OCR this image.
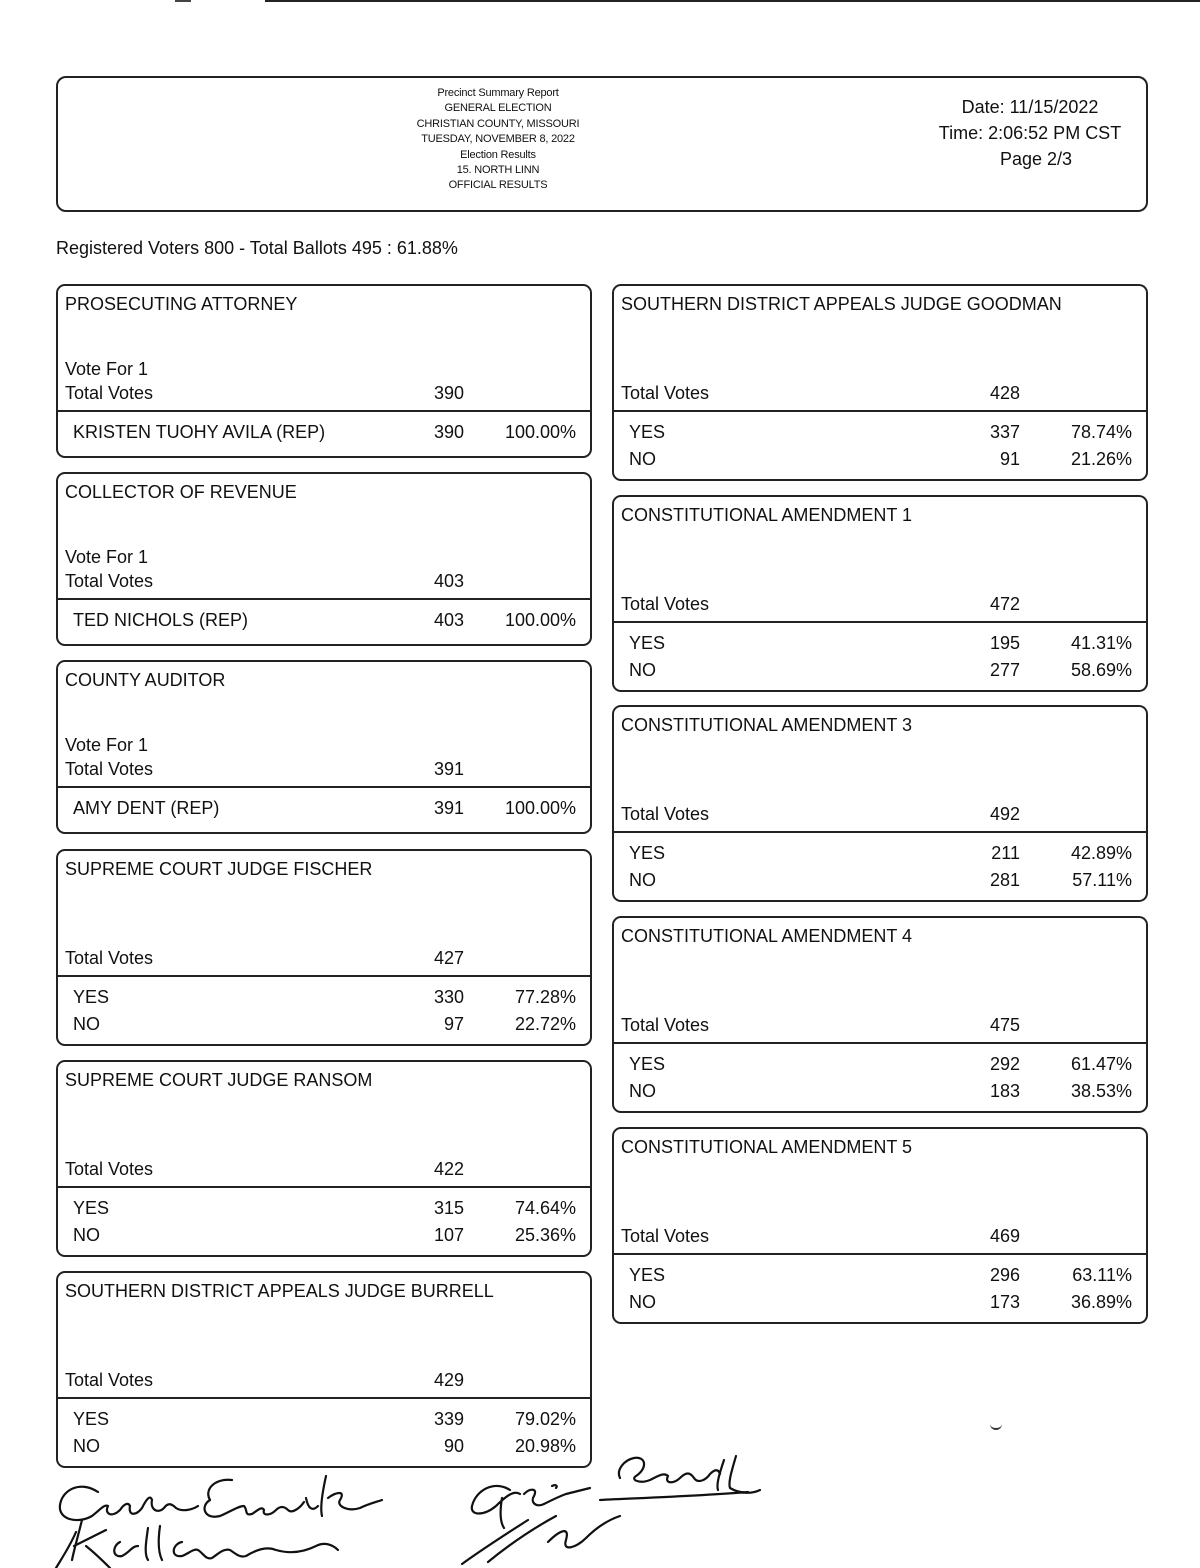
Precinct Summary Report
GENERAL ELECTION
CHRISTIAN COUNTY, MISSOURI
TUESDAY, NOVEMBER 8, 2022
Election Results
15. NORTH LINN
OFFICIAL RESULTS
Date: 11/15/2022
Time: 2:06:52 PM CST
Page 2/3
Registered Voters 800 - Total Ballots 495 : 61.88%
PROSECUTING ATTORNEY
Vote For 1
Total Votes	390
KRISTEN TUOHY AVILA (REP)	390	100.00%
COLLECTOR OF REVENUE
Vote For 1
Total Votes	403
TED NICHOLS (REP)	403	100.00%
COUNTY AUDITOR
Vote For 1
Total Votes	391
AMY DENT (REP)	391	100.00%
SUPREME COURT JUDGE FISCHER
Total Votes	427
YES	330	77.28%
NO	97	22.72%
SUPREME COURT JUDGE RANSOM
Total Votes	422
YES	315	74.64%
NO	107	25.36%
SOUTHERN DISTRICT APPEALS JUDGE BURRELL
Total Votes	429
YES	339	79.02%
NO	90	20.98%
SOUTHERN DISTRICT APPEALS JUDGE GOODMAN
Total Votes	428
YES	337	78.74%
NO	91	21.26%
CONSTITUTIONAL AMENDMENT 1
Total Votes	472
YES	195	41.31%
NO	277	58.69%
CONSTITUTIONAL AMENDMENT 3
Total Votes	492
YES	211	42.89%
NO	281	57.11%
CONSTITUTIONAL AMENDMENT 4
Total Votes	475
YES	292	61.47%
NO	183	38.53%
CONSTITUTIONAL AMENDMENT 5
Total Votes	469
YES	296	63.11%
NO	173	36.89%
